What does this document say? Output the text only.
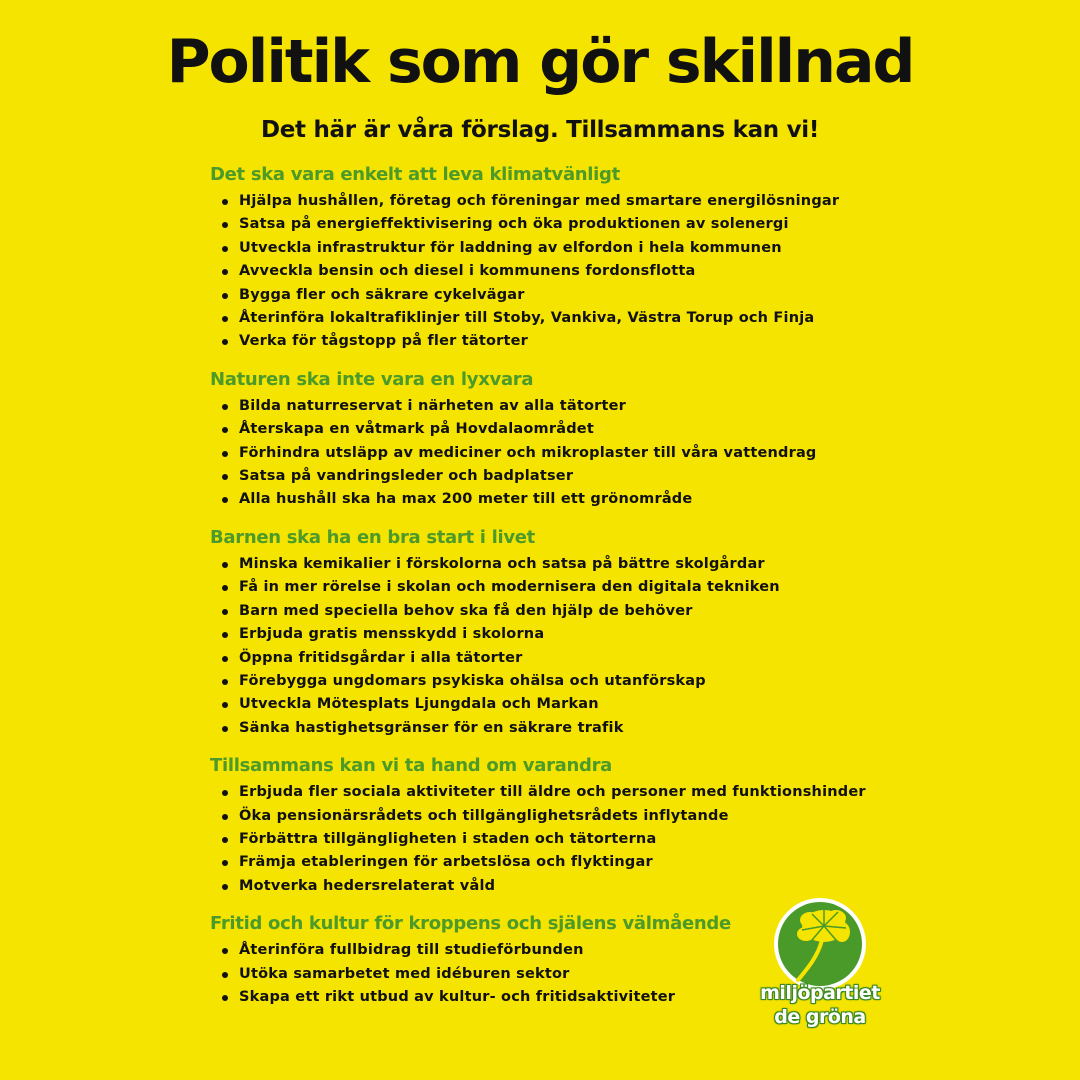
Politik som gör skillnad
Det här är våra förslag. Tillsammans kan vi!
Det ska vara enkelt att leva klimatvänligt
Hjälpa hushållen, företag och föreningar med smartare energilösningar
Satsa på energieffektivisering och öka produktionen av solenergi
Utveckla infrastruktur för laddning av elfordon i hela kommunen
Avveckla bensin och diesel i kommunens fordonsflotta
Bygga fler och säkrare cykelvägar
Återinföra lokaltrafiklinjer till Stoby, Vankiva, Västra Torup och Finja
Verka för tågstopp på fler tätorter
Naturen ska inte vara en lyxvara
Bilda naturreservat i närheten av alla tätorter
Återskapa en våtmark på Hovdalaområdet
Förhindra utsläpp av mediciner och mikroplaster till våra vattendrag
Satsa på vandringsleder och badplatser
Alla hushåll ska ha max 200 meter till ett grönområde
Barnen ska ha en bra start i livet
Minska kemikalier i förskolorna och satsa på bättre skolgårdar
Få in mer rörelse i skolan och modernisera den digitala tekniken
Barn med speciella behov ska få den hjälp de behöver
Erbjuda gratis mensskydd i skolorna
Öppna fritidsgårdar i alla tätorter
Förebygga ungdomars psykiska ohälsa och utanförskap
Utveckla Mötesplats Ljungdala och Markan
Sänka hastighetsgränser för en säkrare trafik
Tillsammans kan vi ta hand om varandra
Erbjuda fler sociala aktiviteter till äldre och personer med funktionshinder
Öka pensionärsrådets och tillgänglighetsrådets inflytande
Förbättra tillgängligheten i staden och tätorterna
Främja etableringen för arbetslösa och flyktingar
Motverka hedersrelaterat våld
Fritid och kultur för kroppens och själens välmående
Återinföra fullbidrag till studieförbunden
Utöka samarbetet med idéburen sektor
Skapa ett rikt utbud av kultur- och fritidsaktiviteter	miljöpartiet
de gröna
